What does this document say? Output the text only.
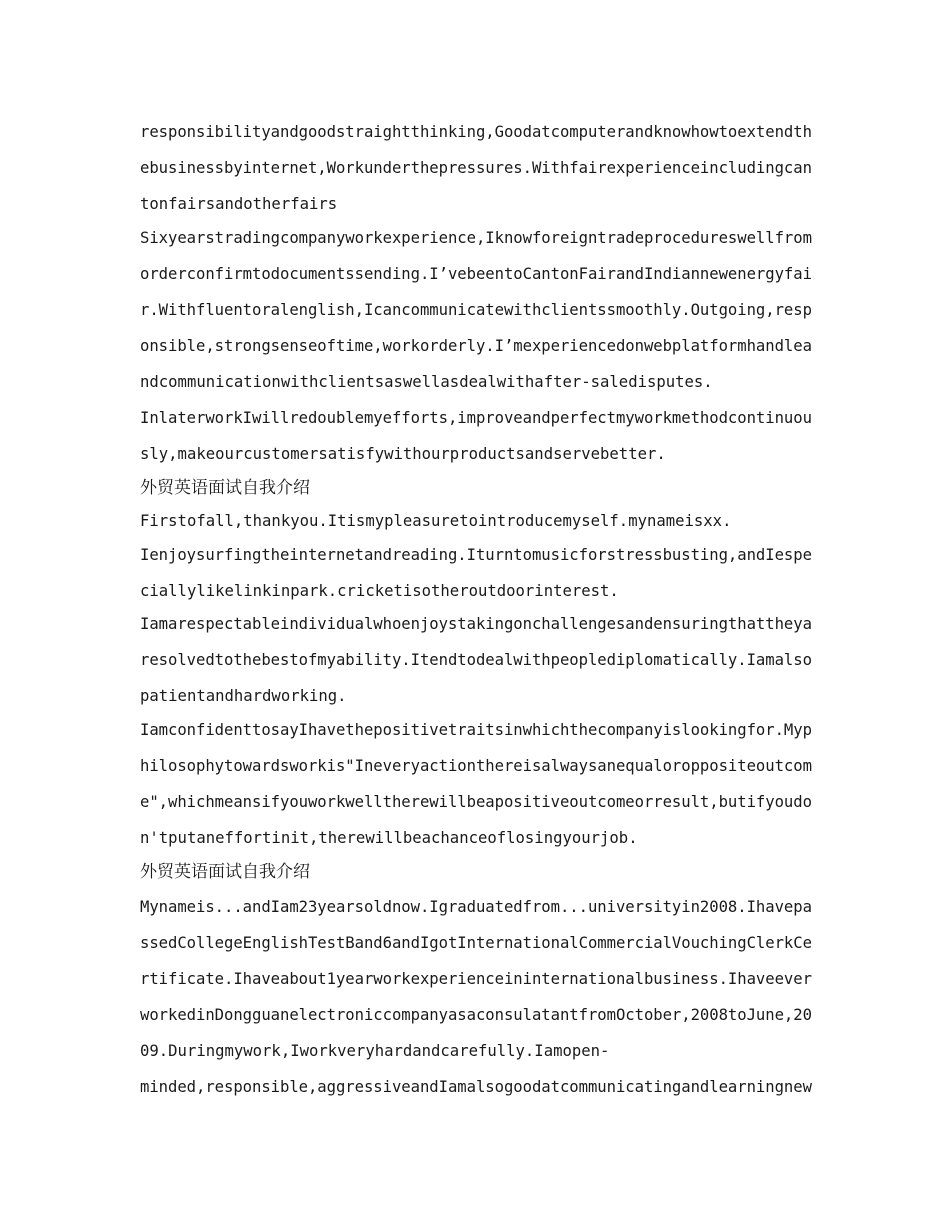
responsibilityandgoodstraightthinking,Goodatcomputerandknowhowtoextendth
ebusinessbyinternet,Workunderthepressures.Withfairexperienceincludingcan
tonfairsandotherfairs
Sixyearstradingcompanyworkexperience,Iknowforeigntradeprocedureswellfrom
orderconfirmtodocumentssending.I’vebeentoCantonFairandIndiannewenergyfai
r.Withfluentoralenglish,Icancommunicatewithclientssmoothly.Outgoing,resp
onsible,strongsenseoftime,workorderly.I’mexperiencedonwebplatformhandlea
ndcommunicationwithclientsaswellasdealwithafter-saledisputes.
InlaterworkIwillredoublemyefforts,improveandperfectmyworkmethodcontinuou
sly,makeourcustomersatisfywithourproductsandservebetter.
外贸英语面试自我介绍
Firstofall,thankyou.Itismypleasuretointroducemyself.mynameisxx.
Ienjoysurfingtheinternetandreading.Iturntomusicforstressbusting,andIespe
ciallylikelinkinpark.cricketisotheroutdoorinterest.
Iamarespectableindividualwhoenjoystakingonchallengesandensuringthattheya
resolvedtothebestofmyability.Itendtodealwithpeoplediplomatically.Iamalso
patientandhardworking.
IamconfidenttosayIhavethepositivetraitsinwhichthecompanyislookingfor.Myp
hilosophytowardsworkis"Ineveryactionthereisalwaysanequaloroppositeoutcom
e",whichmeansifyouworkwelltherewillbeapositiveoutcomeorresult,butifyoudo
n'tputaneffortinit,therewillbeachanceoflosingyourjob.
外贸英语面试自我介绍
Mynameis...andIam23yearsoldnow.Igraduatedfrom...universityin2008.Ihavepa
ssedCollegeEnglishTestBand6andIgotInternationalCommercialVouchingClerkCe
rtificate.Ihaveabout1yearworkexperienceininternationalbusiness.Ihaveever
workedinDongguanelectroniccompanyasaconsulatantfromOctober,2008toJune,20
09.Duringmywork,Iworkveryhardandcarefully.Iamopen-
minded,responsible,aggressiveandIamalsogoodatcommunicatingandlearningnew
